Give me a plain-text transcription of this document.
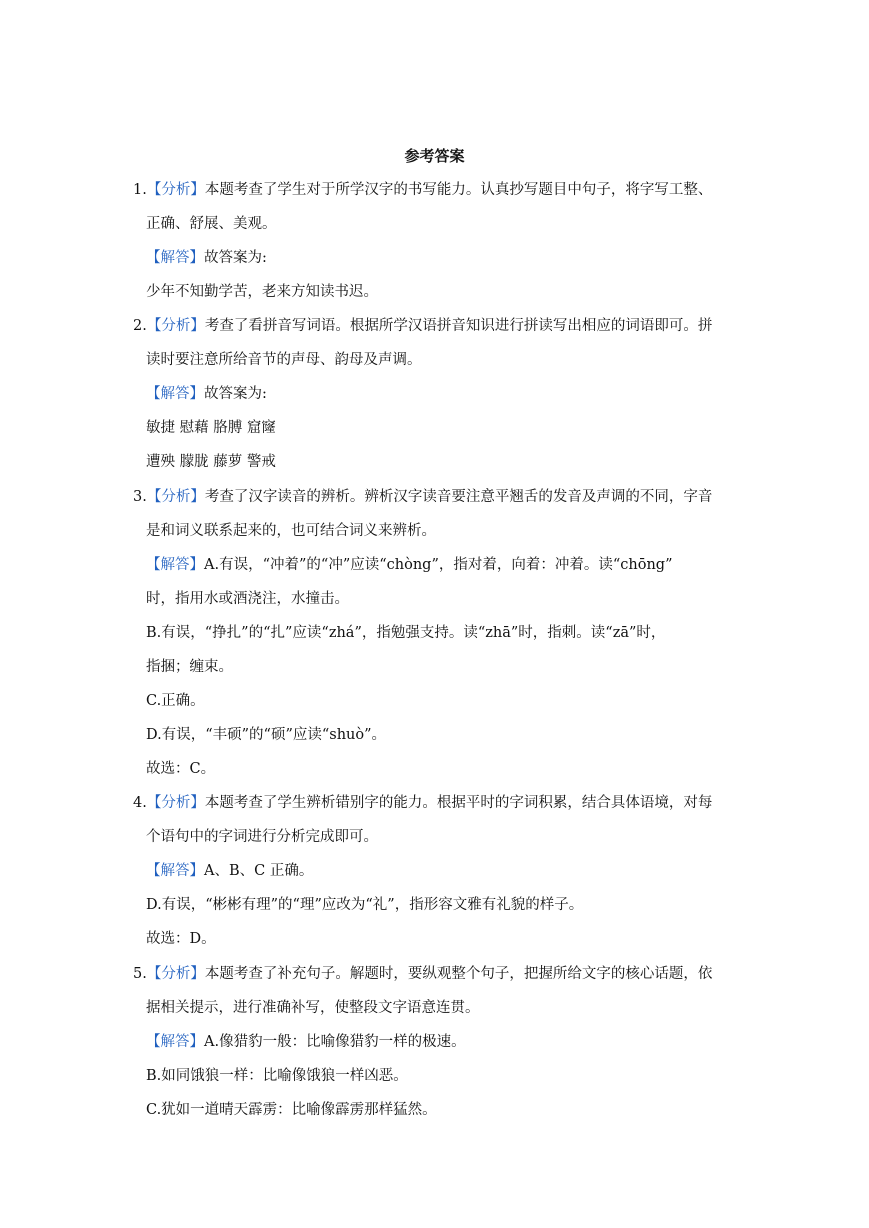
参考答案
1.【分析】本题考查了学生对于所学汉字的书写能力。认真抄写题目中句子，将字写工整、
正确、舒展、美观。
【解答】故答案为:
少年不知勤学苦，老来方知读书迟。
2.【分析】考查了看拼音写词语。根据所学汉语拼音知识进行拼读写出相应的词语即可。拼
读时要注意所给音节的声母、韵母及声调。
【解答】故答案为:
敏捷 慰藉 胳膊 窟窿
遭殃 朦胧 藤萝 警戒
3.【分析】考查了汉字读音的辨析。辨析汉字读音要注意平翘舌的发音及声调的不同，字音
是和词义联系起来的，也可结合词义来辨析。
【解答】A.有误，“冲着”的“冲”应读“chòng”，指对着，向着：冲着。读“chōng”
时，指用水或酒浇注，水撞击。
B.有误，“挣扎”的“扎”应读“zhá”，指勉强支持。读“zhā”时，指刺。读“zā”时，
指捆；缠束。
C.正确。
D.有误，“丰硕”的“硕”应读“shuò”。
故选：C。
4.【分析】本题考查了学生辨析错别字的能力。根据平时的字词积累，结合具体语境，对每
个语句中的字词进行分析完成即可。
【解答】A、B、C 正确。
D.有误，“彬彬有理”的“理”应改为“礼”，指形容文雅有礼貌的样子。
故选：D。
5.【分析】本题考查了补充句子。解题时，要纵观整个句子，把握所给文字的核心话题，依
据相关提示，进行准确补写，使整段文字语意连贯。
【解答】A.像猎豹一般：比喻像猎豹一样的极速。
B.如同饿狼一样：比喻像饿狼一样凶恶。
C.犹如一道晴天霹雳：比喻像霹雳那样猛然。
